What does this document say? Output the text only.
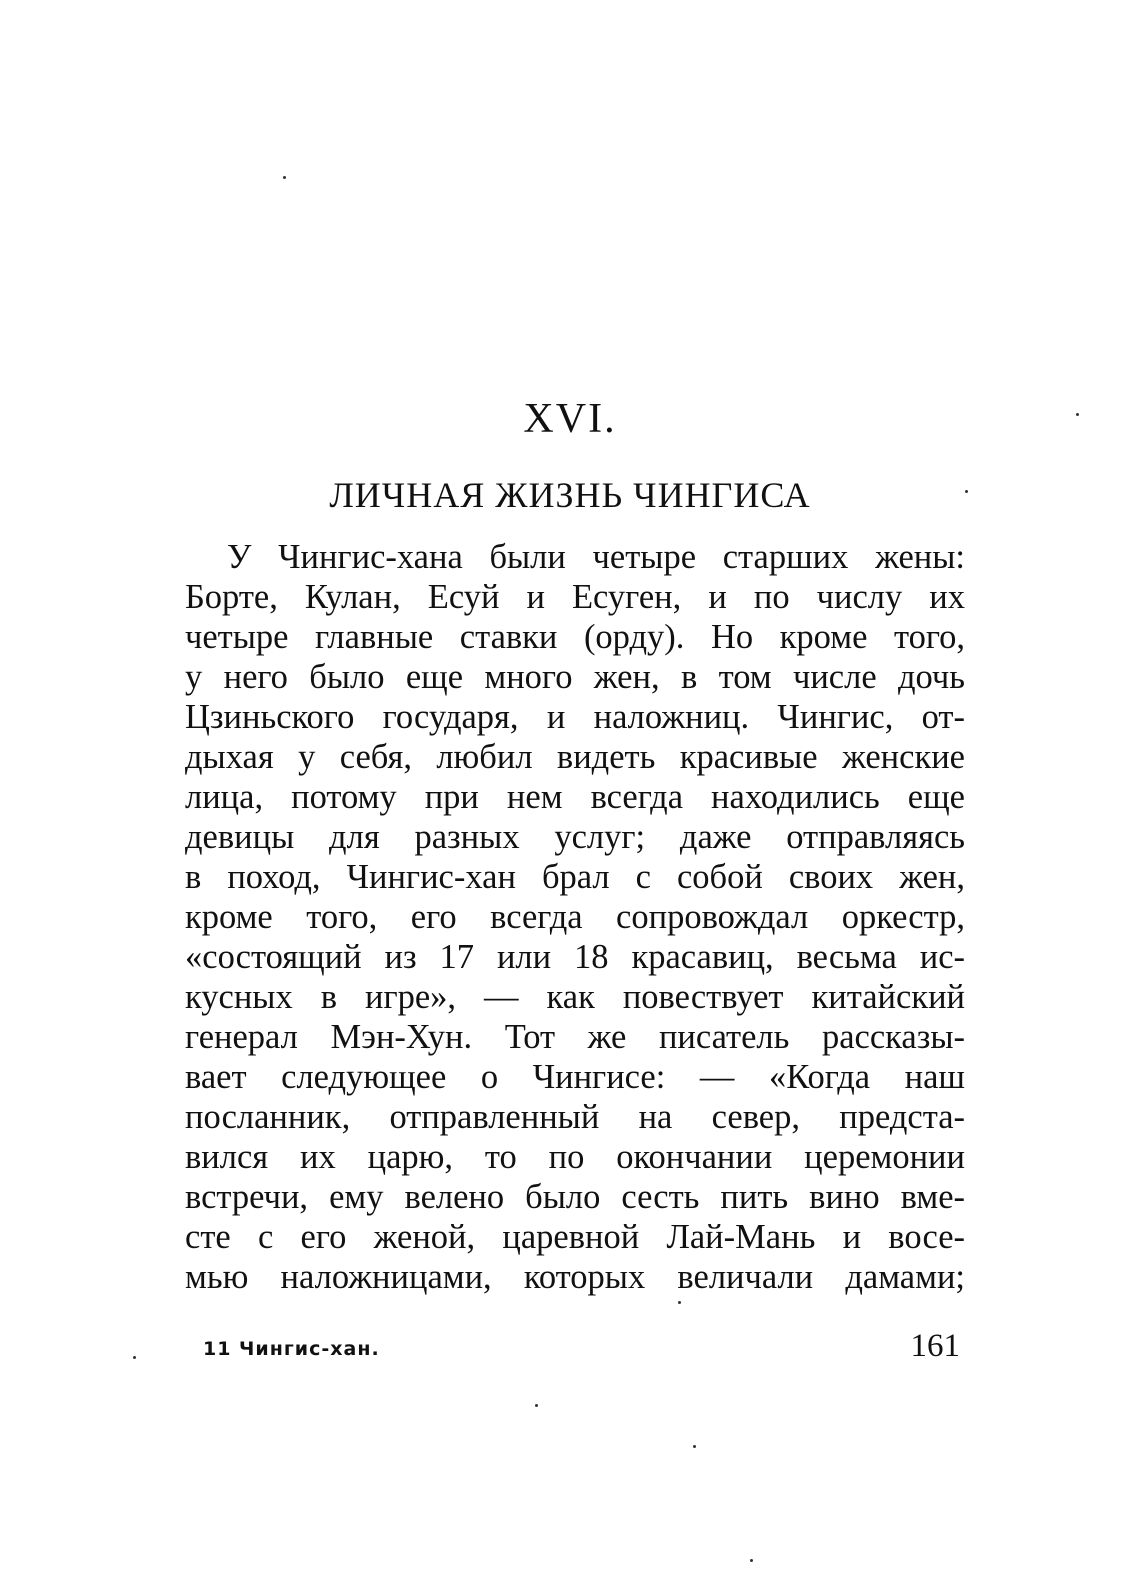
XVI.
ЛИЧНАЯ ЖИЗНЬ ЧИНГИСА
У Чингис-хана были четыре старших жены:
Борте, Кулан, Есуй и Есуген, и по числу их
четыре главные ставки (орду). Но кроме того,
у него было еще много жен, в том числе дочь
Цзиньского государя, и наложниц. Чингис, от-
дыхая у себя, любил видеть красивые женские
лица, потому при нем всегда находились еще
девицы для разных услуг; даже отправляясь
в поход, Чингис-хан брал с собой своих жен,
кроме того, его всегда сопровождал оркестр,
«состоящий из 17 или 18 красавиц, весьма ис-
кусных в игре», — как повествует китайский
генерал Мэн-Хун. Тот же писатель рассказы-
вает следующее о Чингисе: — «Когда наш
посланник, отправленный на север, предста-
вился их царю, то по окончании церемонии
встречи, ему велено было сесть пить вино вме-
сте с его женой, царевной Лай-Мань и восе-
мью наложницами, которых величали дамами;
11 Чингис-хан.	161
